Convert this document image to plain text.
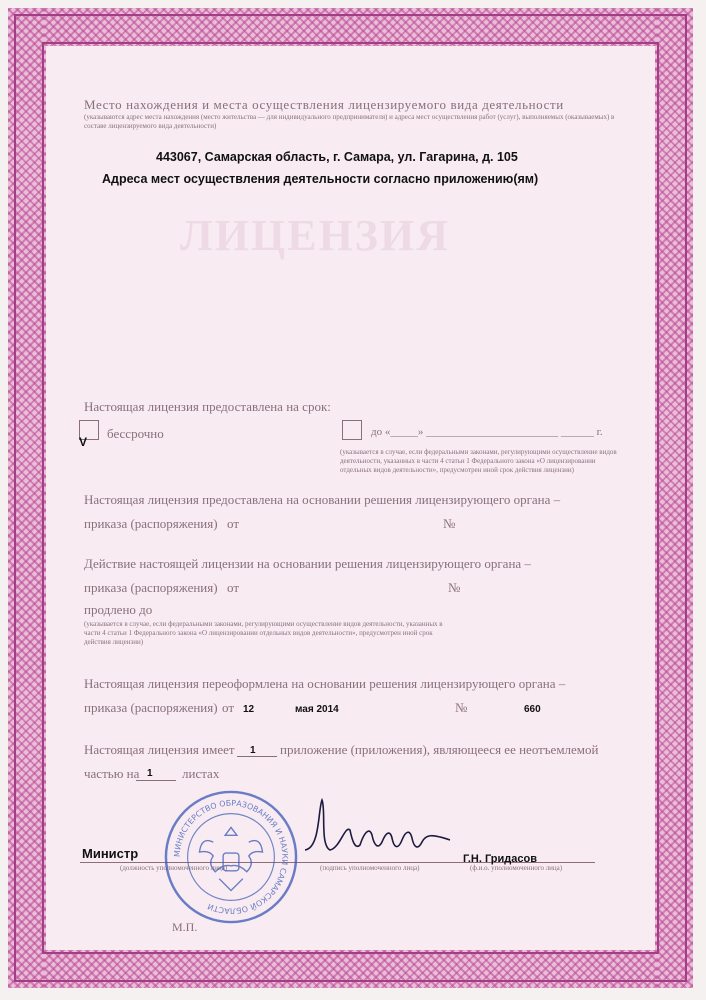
ЛИЦЕНЗИЯ
Место нахождения и места осуществления лицензируемого вида деятельности
(указываются адрес места нахождения (место жительства — для индивидуального предпринимателя) и адреса мест осуществления работ (услуг), выполняемых (оказываемых) в составе лицензируемого вида деятельности)
443067, Самарская область, г. Самара, ул. Гагарина, д. 105
Адреса мест осуществления деятельности согласно приложению(ям)
Настоящая лицензия предоставлена на срок:
V
бессрочно	до «_____» ________________________ ______ г.
(указывается в случае, если федеральными законами, регулирующими осуществление видов деятельности, указанных в части 4 статьи 1 Федерального закона «О лицензировании отдельных видов деятельности», предусмотрен иной срок действия лицензии)
Настоящая лицензия предоставлена на основании решения лицензирующего органа –
приказа (распоряжения) от	№
Действие настоящей лицензии на основании решения лицензирующего органа –
приказа (распоряжения) от	№
продлено до
(указывается в случае, если федеральными законами, регулирующими осуществление видов деятельности, указанных в части 4 статьи 1 Федерального закона «О лицензировании отдельных видов деятельности», предусмотрен иной срок действия лицензии)
Настоящая лицензия переоформлена на основании решения лицензирующего органа –
приказа (распоряжения) от 12	мая 2014	№	660
Настоящая лицензия имеет 1 приложение (приложения), являющееся ее неотъемлемой
частью на 1 листах
Министр
(должность уполномоченного лица)	(подпись уполномоченного лица)	(ф.и.о. уполномоченного лица)
Г.Н. Гридасов
М.П.
МИНИСТЕРСТВО ОБРАЗОВАНИЯ И НАУКИ САМАРСКОЙ ОБЛАСТИ
